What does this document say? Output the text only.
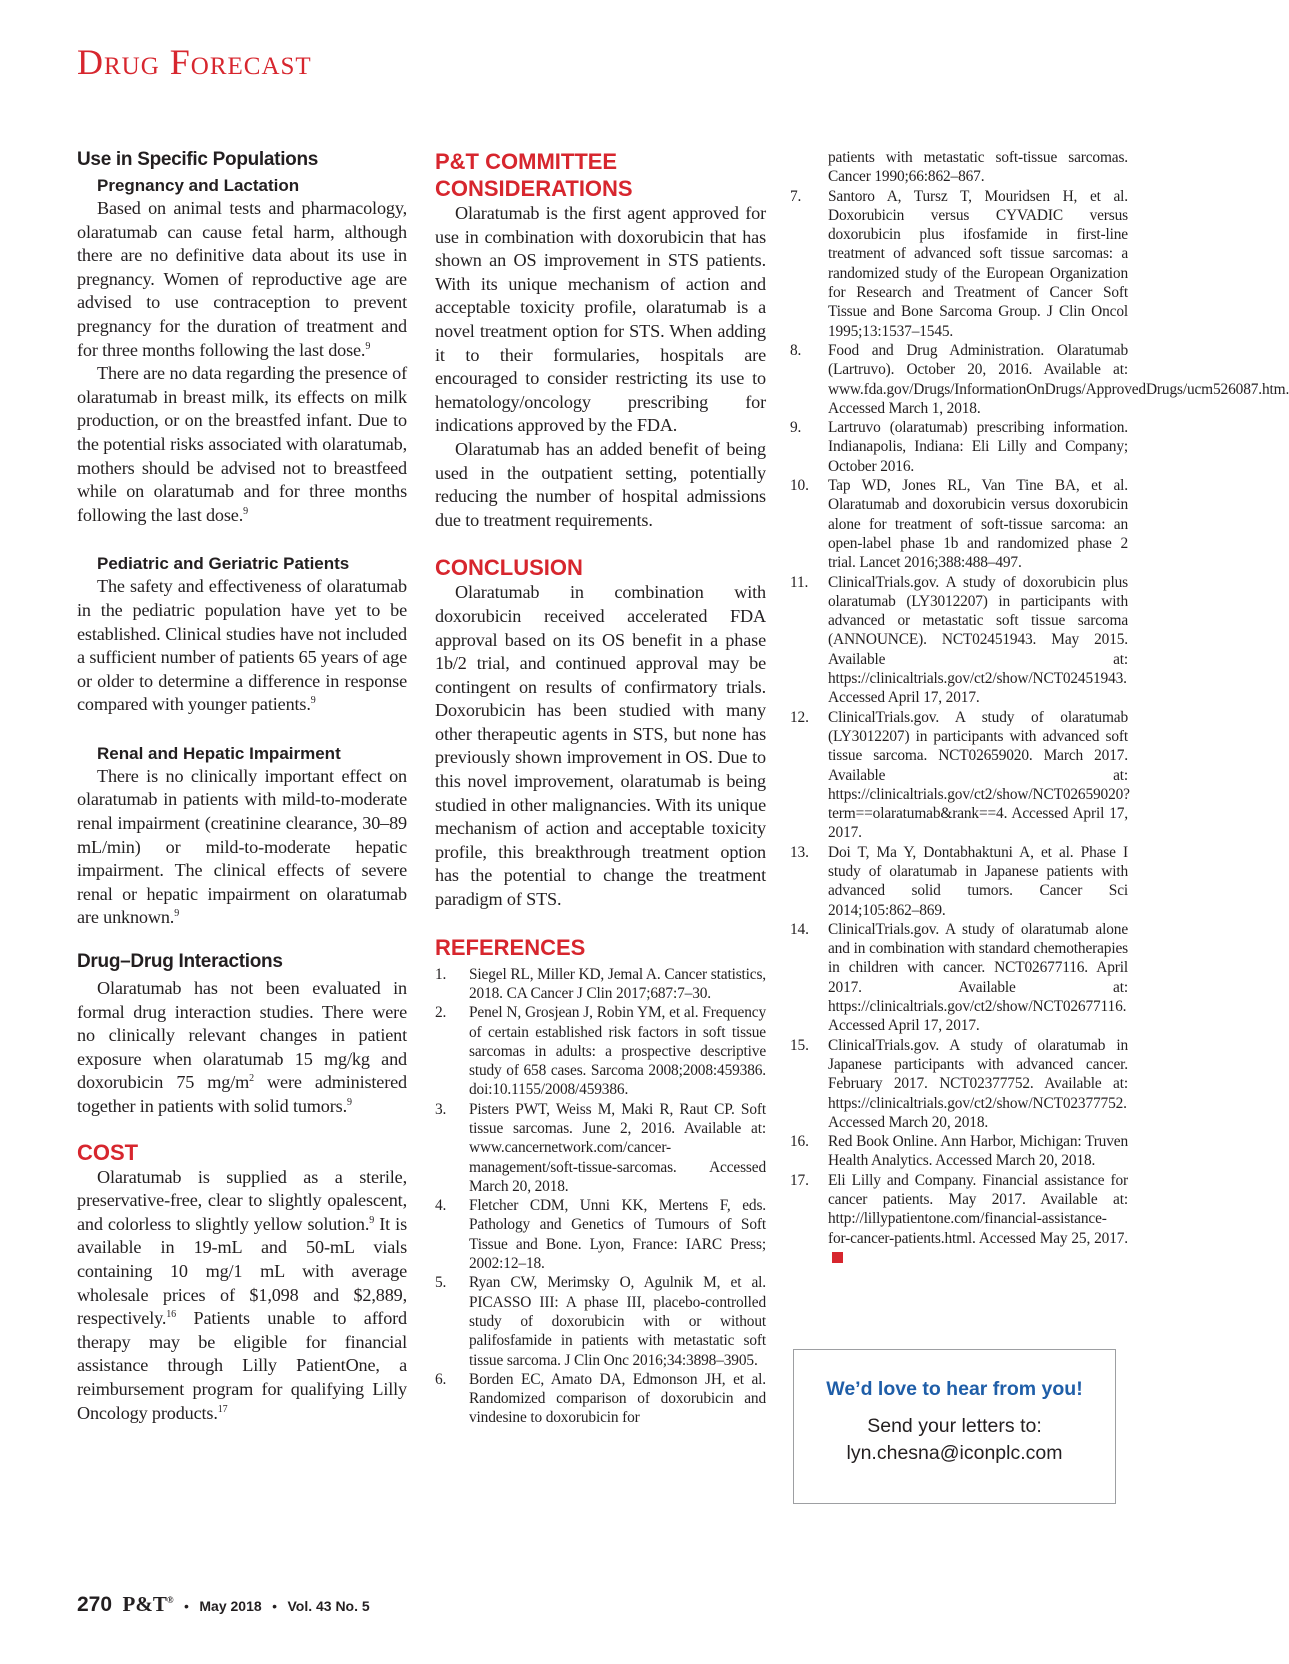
Drug Forecast
Use in Specific Populations
Pregnancy and Lactation

Based on animal tests and pharmacology, olaratumab can cause fetal harm, although there are no definitive data about its use in pregnancy. Women of reproductive age are advised to use contraception to prevent pregnancy for the duration of treatment and for three months following the last dose.$^9$

There are no data regarding the presence of olaratumab in breast milk, its effects on milk production, or on the breastfed infant. Due to the potential risks associated with olaratumab, mothers should be advised not to breastfeed while on olaratumab and for three months following the last dose.$^9$

Pediatric and Geriatric Patients

The safety and effectiveness of olaratumab in the pediatric population have yet to be established. Clinical studies have not included a sufficient number of patients 65 years of age or older to determine a difference in response compared with younger patients.$^9$

Renal and Hepatic Impairment

There is no clinically important effect on olaratumab in patients with mild-to-moderate renal impairment (creatinine clearance, 30–89 mL/min) or mild-to-moderate hepatic impairment. The clinical effects of severe renal or hepatic impairment on olaratumab are unknown.$^9$

Drug–Drug Interactions

Olaratumab has not been evaluated in formal drug interaction studies. There were no clinically relevant changes in patient exposure when olaratumab 15 mg/kg and doxorubicin 75 $mg/m^2$ were administered together in patients with solid tumors.$^9$

COST

Olaratumab is supplied as a sterile, preservative-free, clear to slightly opalescent, and colorless to slightly yellow solution.$^9$ It is available in 19-mL and 50-mL vials containing 10 mg/1 mL with average wholesale prices of $1,098 and $2,889, respectively.$^{16}$ Patients unable to afford therapy may be eligible for financial assistance through Lilly PatientOne, a reimbursement program for qualifying Lilly Oncology products.$^{17}$

P&T COMMITTEE CONSIDERATIONS

Olaratumab is the first agent approved for use in combination with doxorubicin that has shown an OS improvement in STS patients. With its unique mechanism of action and acceptable toxicity profile, olaratumab is a novel treatment option for STS. When adding it to their formularies, hospitals are encouraged to consider restricting its use to hematology/oncology prescribing for indications approved by the FDA.

Olaratumab has an added benefit of being used in the outpatient setting, potentially reducing the number of hospital admissions due to treatment requirements.

CONCLUSION

Olaratumab in combination with doxorubicin received accelerated FDA approval based on its OS benefit in a phase 1b/2 trial, and continued approval may be contingent on results of confirmatory trials. Doxorubicin has been studied with many other therapeutic agents in STS, but none has previously shown improvement in OS. Due to this novel improvement, olaratumab is being studied in other malignancies. With its unique mechanism of action and acceptable toxicity profile, this breakthrough treatment option has the potential to change the treatment paradigm of STS.

REFERENCES
1. Siegel RL, Miller KD, Jemal A. Cancer statistics, 2018. CA Cancer J Clin 2017;687:7–30.
2. Penel N, Grosjean J, Robin YM, et al. Frequency of certain established risk factors in soft tissue sarcomas in adults: a prospective descriptive study of 658 cases. Sarcoma 2008;2008:459386. doi:10.1155/2008/459386.
3. Pisters PWT, Weiss M, Maki R, Raut CP. Soft tissue sarcomas. June 2, 2016. Available at: www.cancernetwork.com/cancer-management/soft-tissue-sarcomas. Accessed March 20, 2018.
4. Fletcher CDM, Unni KK, Mertens F, eds. Pathology and Genetics of Tumours of Soft Tissue and Bone. Lyon, France: IARC Press; 2002:12–18.
5. Ryan CW, Merimsky O, Agulnik M, et al. PICASSO III: A phase III, placebo-controlled study of doxorubicin with or without palifosfamide in patients with metastatic soft tissue sarcoma. J Clin Onc 2016;34:3898–3905.
6. Borden EC, Amato DA, Edmonson JH, et al. Randomized comparison of doxorubicin and vindesine to doxorubicin for
patients with metastatic soft-tissue sarcomas. Cancer 1990;66:862–867.
7. Santoro A, Tursz T, Mouridsen H, et al. Doxorubicin versus CYVADIC versus doxorubicin plus ifosfamide in first-line treatment of advanced soft tissue sarcomas: a randomized study of the European Organization for Research and Treatment of Cancer Soft Tissue and Bone Sarcoma Group. J Clin Oncol 1995;13:1537–1545.
8. Food and Drug Administration. Olaratumab (Lartruvo). October 20, 2016. Available at: www.fda.gov/Drugs/InformationOnDrugs/ApprovedDrugs/ucm526087.htm. Accessed March 1, 2018.
9. Lartruvo (olaratumab) prescribing information. Indianapolis, Indiana: Eli Lilly and Company; October 2016.
10. Tap WD, Jones RL, Van Tine BA, et al. Olaratumab and doxorubicin versus doxorubicin alone for treatment of soft-tissue sarcoma: an open-label phase 1b and randomized phase 2 trial. Lancet 2016;388:488–497.
11. ClinicalTrials.gov. A study of doxorubicin plus olaratumab (LY3012207) in participants with advanced or metastatic soft tissue sarcoma (ANNOUNCE). NCT02451943. May 2015. Available at: https://clinicaltrials.gov/ct2/show/NCT02451943. Accessed April 17, 2017.
12. ClinicalTrials.gov. A study of olaratumab (LY3012207) in participants with advanced soft tissue sarcoma. NCT02659020. March 2017. Available at: https://clinicaltrials.gov/ct2/show/NCT02659020?term==olaratumab&rank==4. Accessed April 17, 2017.
13. Doi T, Ma Y, Dontabhaktuni A, et al. Phase I study of olaratumab in Japanese patients with advanced solid tumors. Cancer Sci 2014;105:862–869.
14. ClinicalTrials.gov. A study of olaratumab alone and in combination with standard chemotherapies in children with cancer. NCT02677116. April 2017. Available at: https://clinicaltrials.gov/ct2/show/NCT02677116. Accessed April 17, 2017.
15. ClinicalTrials.gov. A study of olaratumab in Japanese participants with advanced cancer. February 2017. NCT02377752. Available at: https://clinicaltrials.gov/ct2/show/NCT02377752. Accessed March 20, 2018.
16. Red Book Online. Ann Harbor, Michigan: Truven Health Analytics. Accessed March 20, 2018.
17. Eli Lilly and Company. Financial assistance for cancer patients. May 2017. Available at: http://lillypatientone.com/financial-assistance-for-cancer-patients.html. Accessed May 25, 2017.

We’d love to hear from you!

Send your letters to:

lyn.chesna@iconplc.com

270 P&T® • May 2018 • Vol. 43 No. 5
